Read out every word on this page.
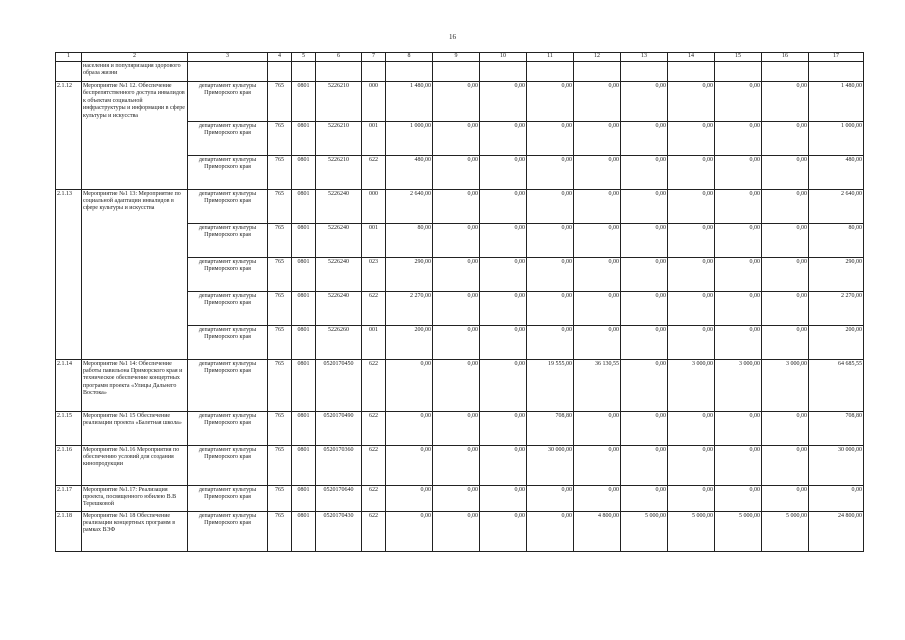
16
1	2	3	4	5	6	7	8	9	10	11	12	13	14	15	16	17
	населения и популяризация здорового образа жизни															
2.1.12	Мероприятие №1 12. Обеспечение беспрепятственного доступа инвалидов к объектам социальной инфраструктуры и информации в сфере культуры и искусства	департамент культуры Приморского края	765	0801	5226210	000	1 480,00	0,00	0,00	0,00	0,00	0,00	0,00	0,00	0,00	1 480,00
		департамент культуры Приморского края	765	0801	5226210	001	1 000,00	0,00	0,00	0,00	0,00	0,00	0,00	0,00	0,00	1 000,00
		департамент культуры Приморского края	765	0801	5226210	622	480,00	0,00	0,00	0,00	0,00	0,00	0,00	0,00	0,00	480,00
2.1.13	Мероприятие №1 13: Мероприятие по социальной адаптации инвалидов в сфере культуры и искусства	департамент культуры Приморского края	765	0801	5226240	000	2 640,00	0,00	0,00	0,00	0,00	0,00	0,00	0,00	0,00	2 640,00
		департамент культуры Приморского края	765	0801	5226240	001	80,00	0,00	0,00	0,00	0,00	0,00	0,00	0,00	0,00	80,00
		департамент культуры Приморского края	765	0801	5226240	023	290,00	0,00	0,00	0,00	0,00	0,00	0,00	0,00	0,00	290,00
		департамент культуры Приморского края	765	0801	5226240	622	2 270,00	0,00	0,00	0,00	0,00	0,00	0,00	0,00	0,00	2 270,00
		департамент культуры Приморского края	765	0801	5226260	001	200,00	0,00	0,00	0,00	0,00	0,00	0,00	0,00	0,00	200,00
2.1.14	Мероприятие №1 14: Обеспечение работы павильона Приморского края и техническое обеспечение концертных программ проекта «Улицы Дальнего Востока»	департамент культуры Приморского края	765	0801	0520170450	622	0,00	0,00	0,00	19 555,00	36 130,55	0,00	3 000,00	3 000,00	3 000,00	64 685,55
2.1.15	Мероприятие №1 15 Обеспечение реализации проекта «Балетная школа»	департамент культуры Приморского края	765	0801	0520170490	622	0,00	0,00	0,00	708,80	0,00	0,00	0,00	0,00	0,00	708,80
2.1.16	Мероприятие №1.16 Мероприятия по обеспечению условий для создания кинопродукции	департамент культуры Приморского края	765	0801	0520170360	622	0,00	0,00	0,00	30 000,00	0,00	0,00	0,00	0,00	0,00	30 000,00
2.1.17	Мероприятие №1.17: Реализация проекта, посвященного юбилею В.В Терешковой	департамент культуры Приморского края	765	0801	0520170640	622	0,00	0,00	0,00	0,00	0,00	0,00	0,00	0,00	0,00	0,00
2.1.18	Мероприятие №1 18 Обеспечение реализации концертных программ в рамках ВЭФ	департамент культуры Приморского края	765	0801	0520170430	622	0,00	0,00	0,00	0,00	4 800,00	5 000,00	5 000,00	5 000,00	5 000,00	24 800,00
